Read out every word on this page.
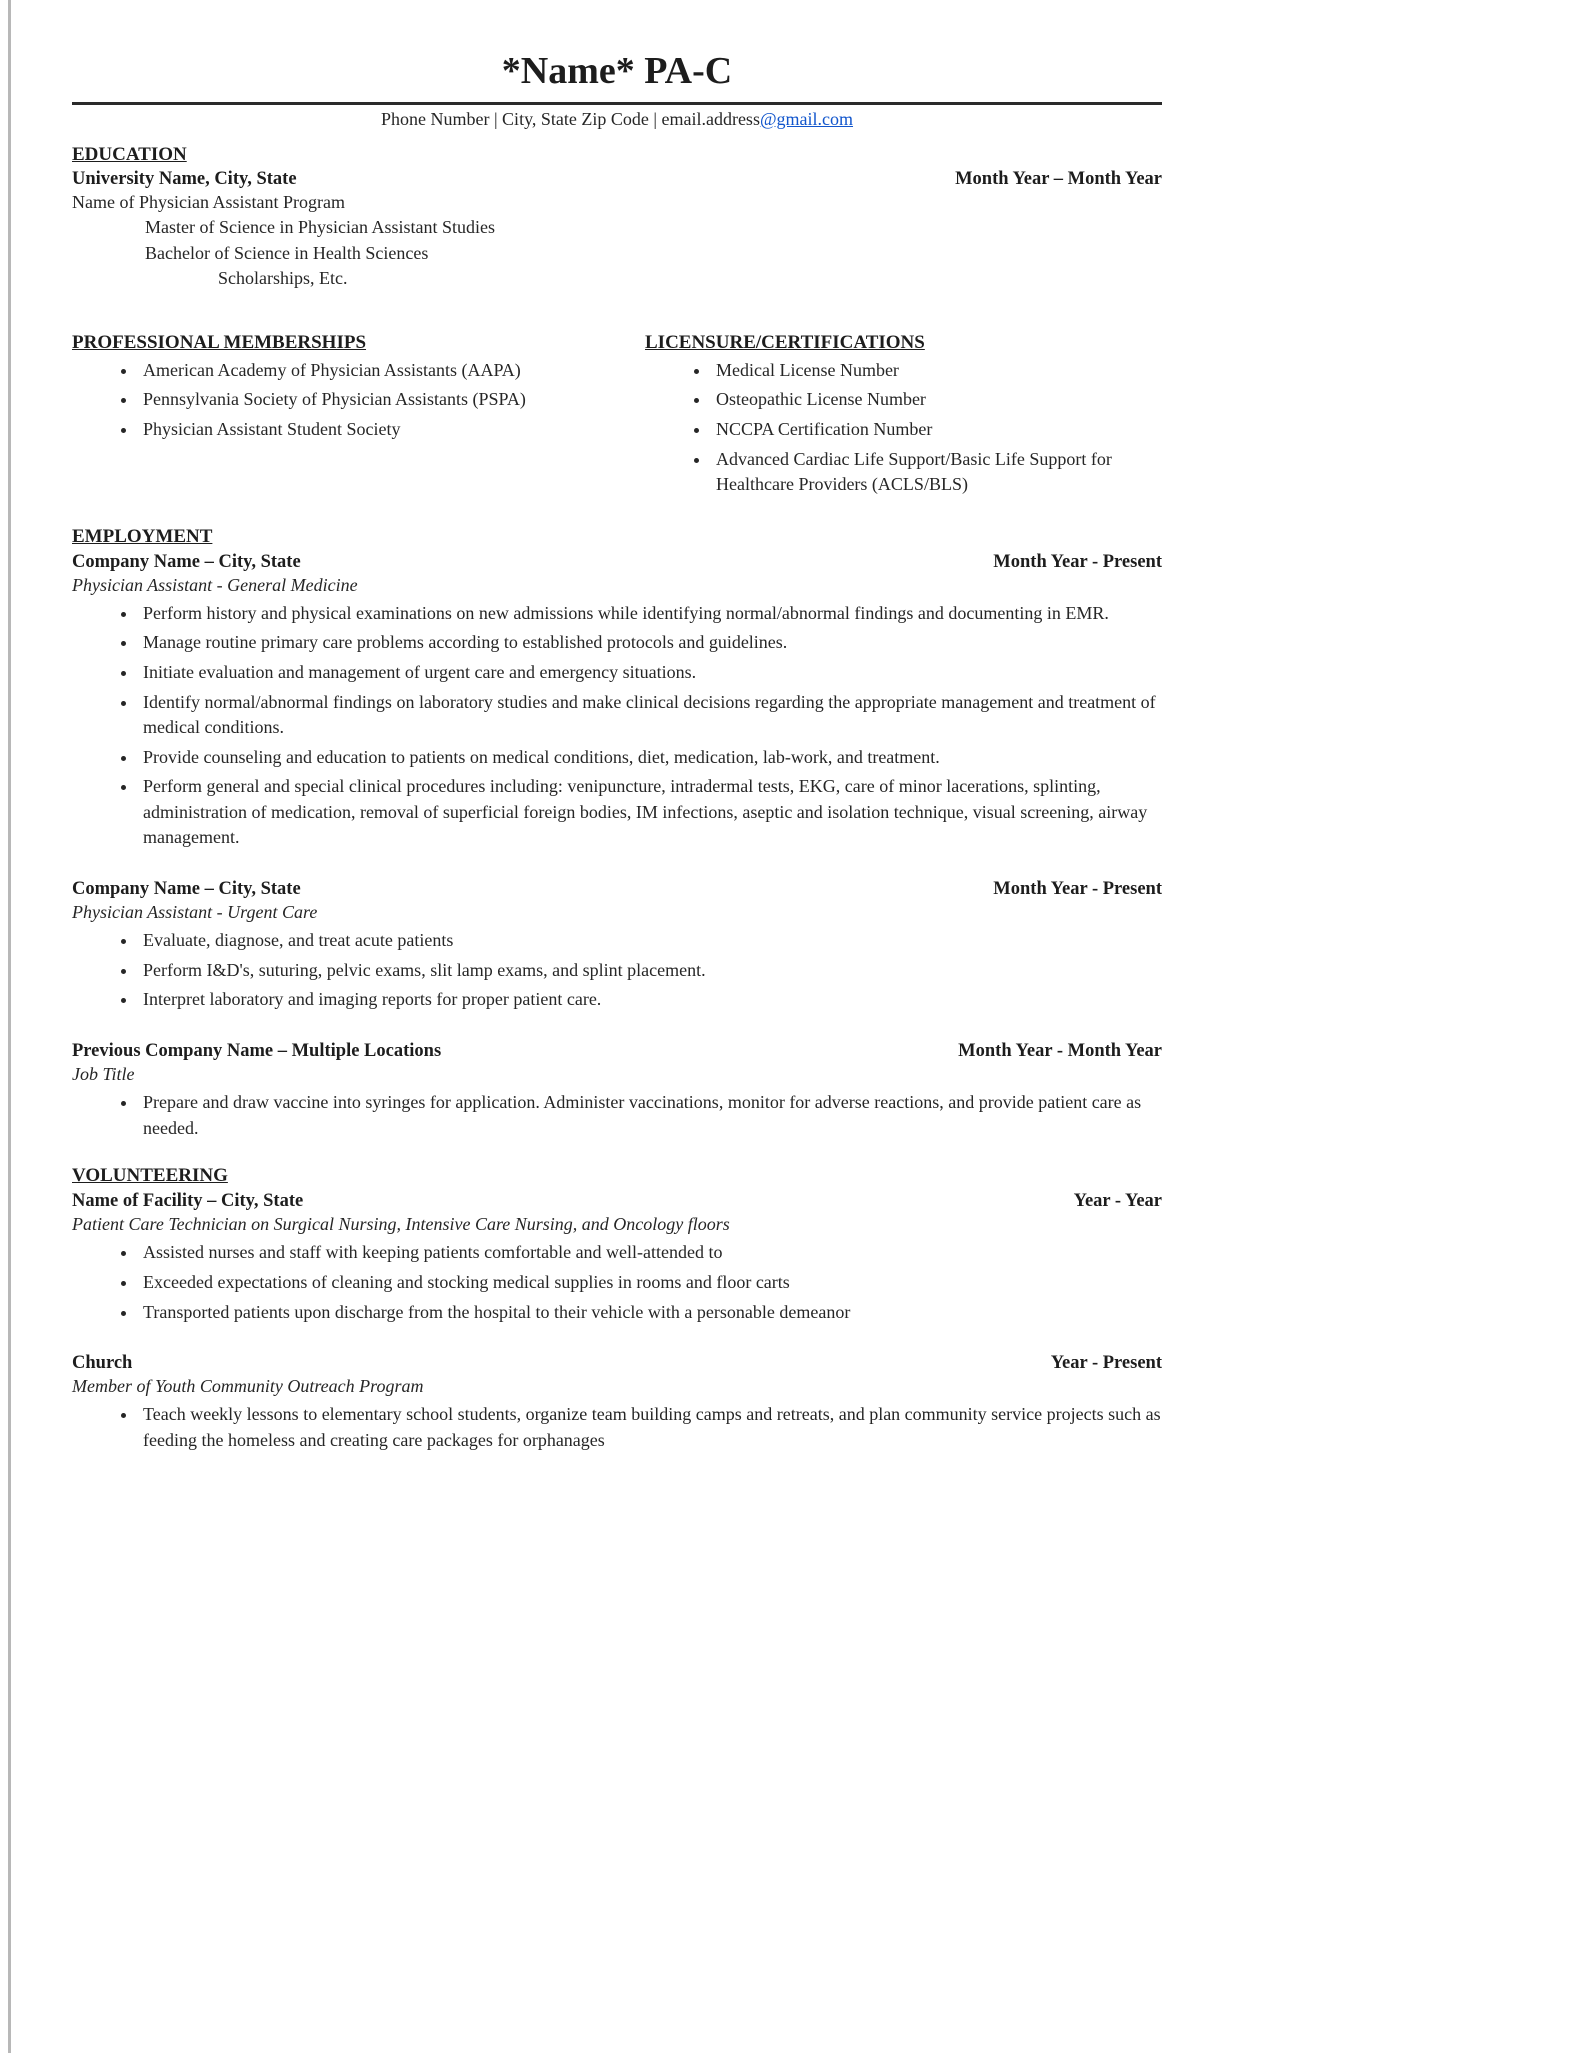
*Name* PA-C
Phone Number | City, State Zip Code | email.address@gmail.com
EDUCATION
University Name, City, State	Month Year – Month Year
Name of Physician Assistant Program
Master of Science in Physician Assistant Studies
Bachelor of Science in Health Sciences
Scholarships, Etc.
PROFESSIONAL MEMBERSHIPS
• American Academy of Physician Assistants (AAPA)
• Pennsylvania Society of Physician Assistants (PSPA)
• Physician Assistant Student Society
LICENSURE/CERTIFICATIONS
• Medical License Number
• Osteopathic License Number
• NCCPA Certification Number
• Advanced Cardiac Life Support/Basic Life Support for Healthcare Providers (ACLS/BLS)
EMPLOYMENT
Company Name – City, State	Month Year - Present
Physician Assistant - General Medicine
• Perform history and physical examinations on new admissions while identifying normal/abnormal findings and documenting in EMR.
• Manage routine primary care problems according to established protocols and guidelines.
• Initiate evaluation and management of urgent care and emergency situations.
• Identify normal/abnormal findings on laboratory studies and make clinical decisions regarding the appropriate management and treatment of medical conditions.
• Provide counseling and education to patients on medical conditions, diet, medication, lab-work, and treatment.
• Perform general and special clinical procedures including: venipuncture, intradermal tests, EKG, care of minor lacerations, splinting, administration of medication, removal of superficial foreign bodies, IM infections, aseptic and isolation technique, visual screening, airway management.
Company Name – City, State	Month Year - Present
Physician Assistant - Urgent Care
• Evaluate, diagnose, and treat acute patients
• Perform I&D's, suturing, pelvic exams, slit lamp exams, and splint placement.
• Interpret laboratory and imaging reports for proper patient care.
Previous Company Name – Multiple Locations	Month Year - Month Year
Job Title
• Prepare and draw vaccine into syringes for application. Administer vaccinations, monitor for adverse reactions, and provide patient care as needed.
VOLUNTEERING
Name of Facility – City, State	Year - Year
Patient Care Technician on Surgical Nursing, Intensive Care Nursing, and Oncology floors
• Assisted nurses and staff with keeping patients comfortable and well-attended to
• Exceeded expectations of cleaning and stocking medical supplies in rooms and floor carts
• Transported patients upon discharge from the hospital to their vehicle with a personable demeanor
Church	Year - Present
Member of Youth Community Outreach Program
• Teach weekly lessons to elementary school students, organize team building camps and retreats, and plan community service projects such as feeding the homeless and creating care packages for orphanages
